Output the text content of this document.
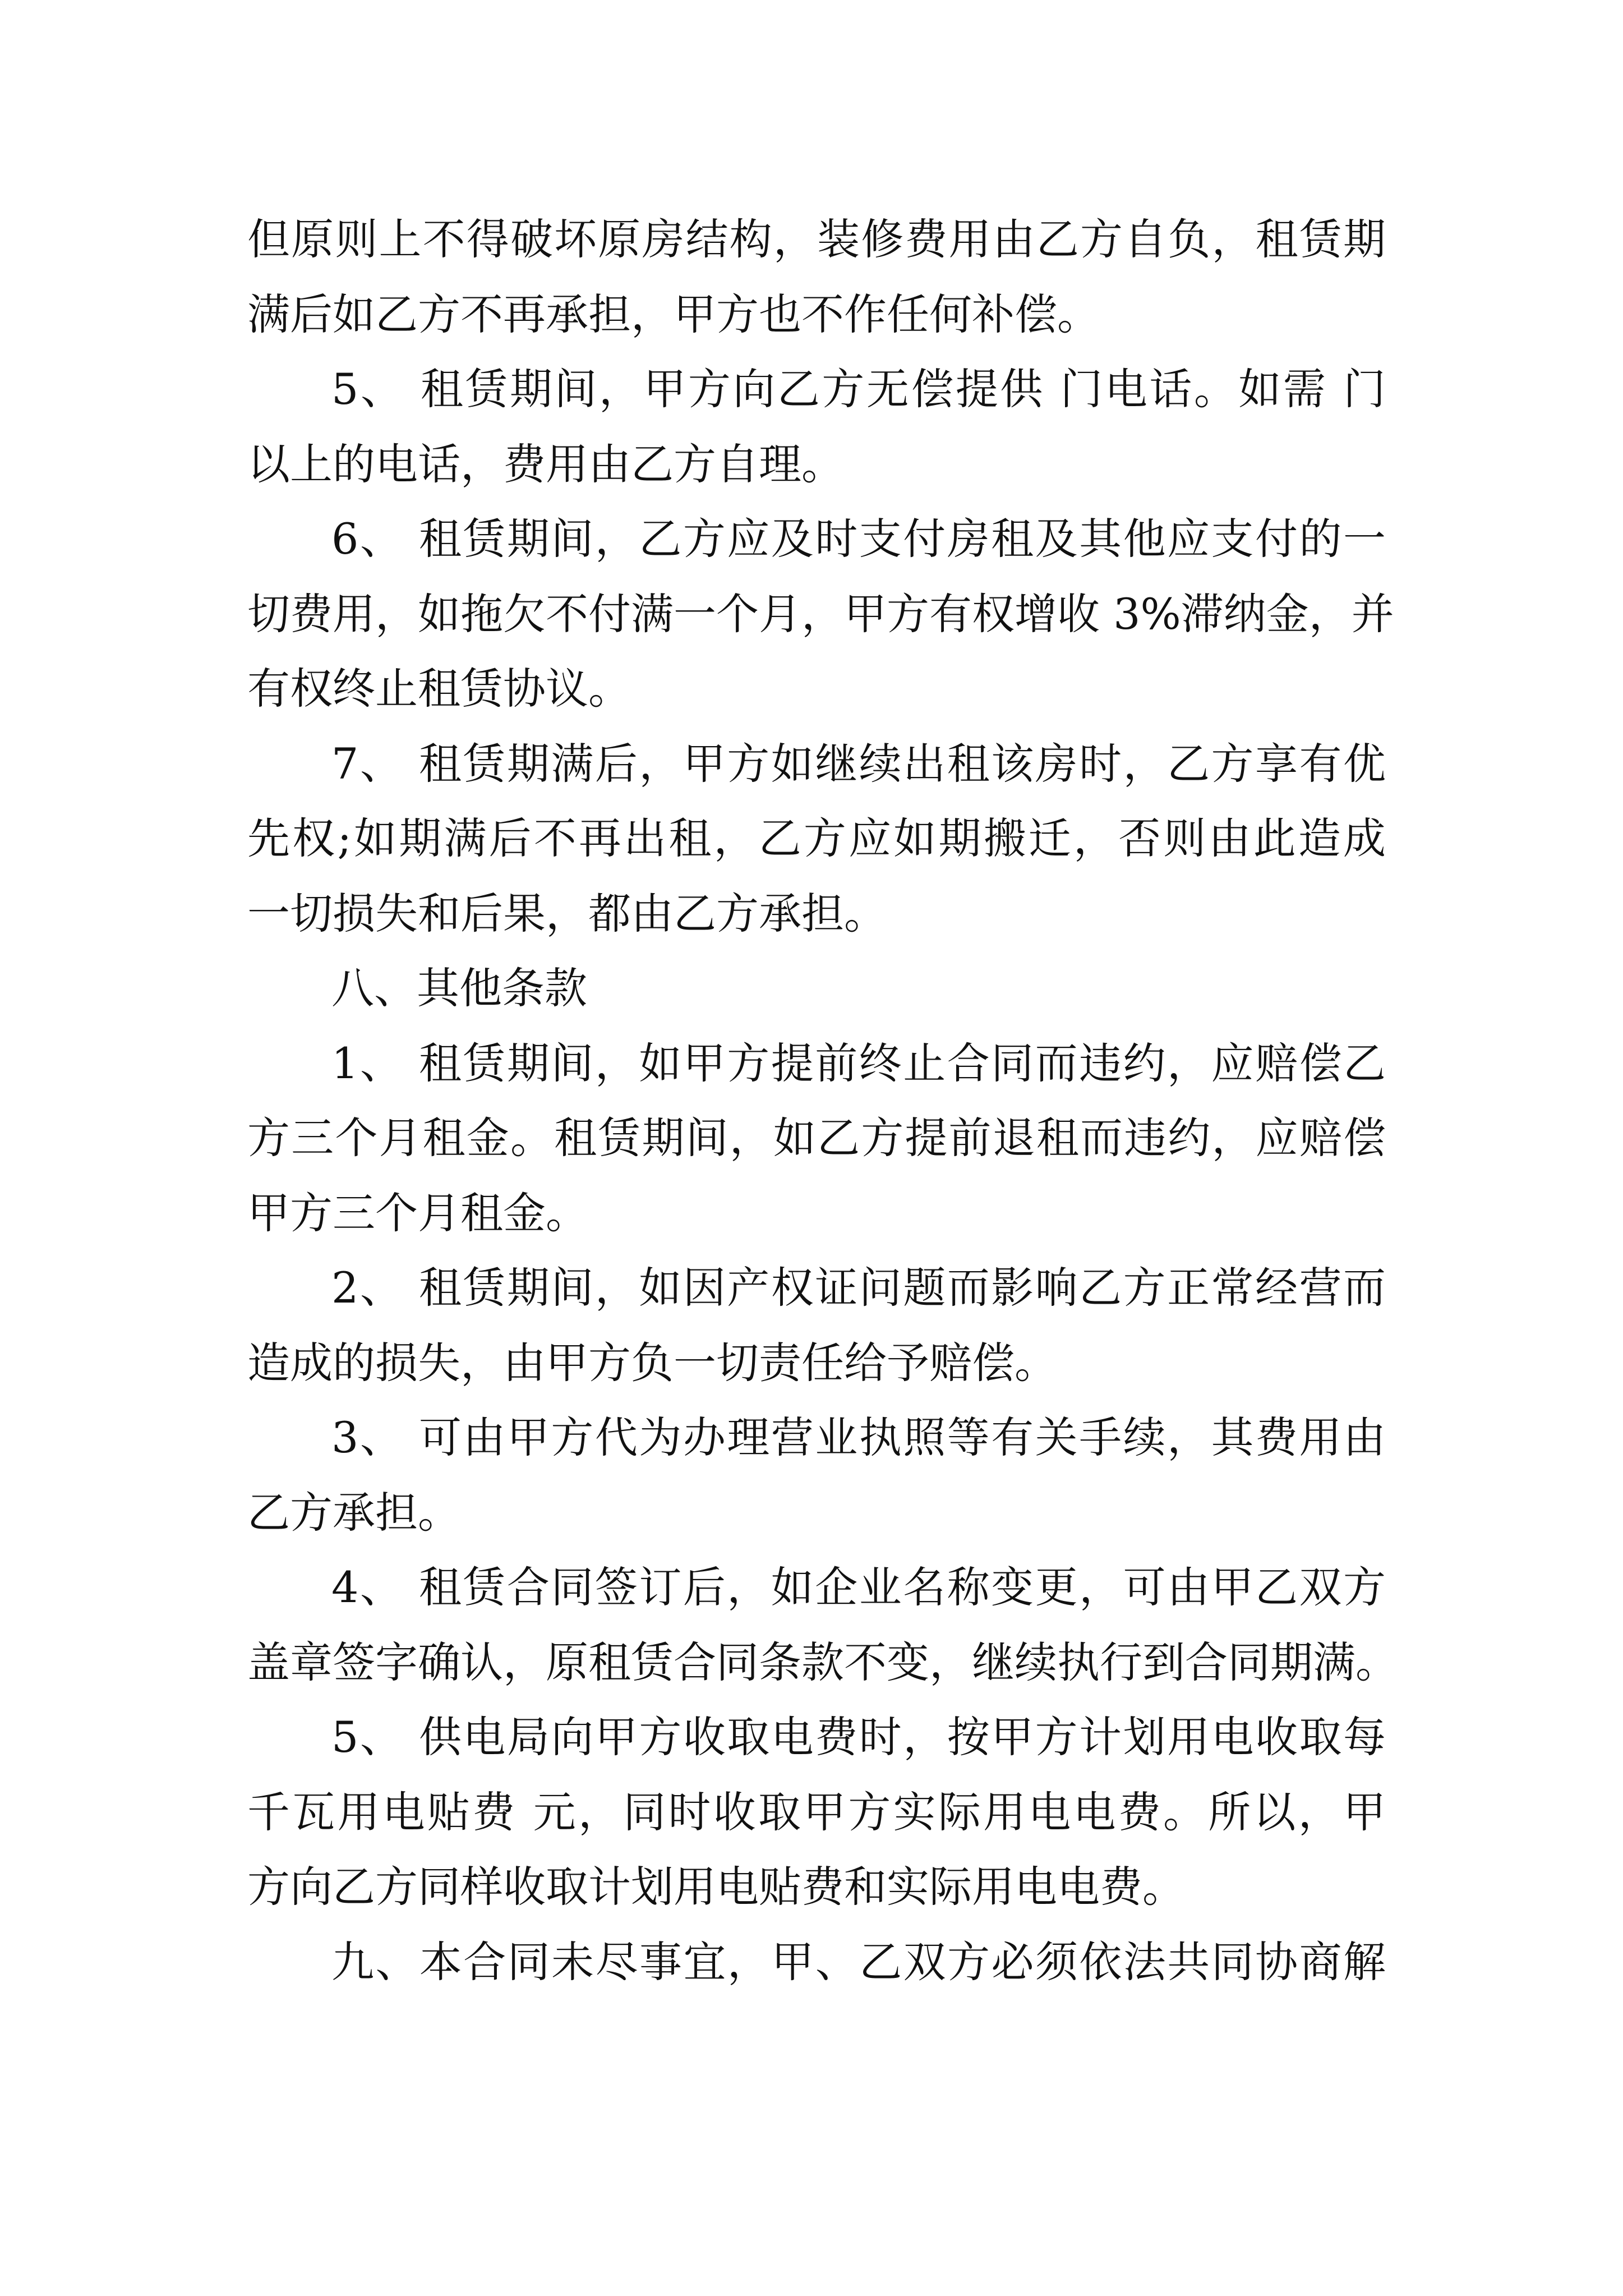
但原则上不得破坏原房结构，装修费用由乙方自负，租赁期
满后如乙方不再承担，甲方也不作任何补偿。
5、 租赁期间，甲方向乙方无偿提供 门电话。如需 门
以上的电话，费用由乙方自理。
6、 租赁期间，乙方应及时支付房租及其他应支付的一
切费用，如拖欠不付满一个月，甲方有权增收 3%滞纳金，并
有权终止租赁协议。
7、 租赁期满后，甲方如继续出租该房时，乙方享有优
先权;如期满后不再出租，乙方应如期搬迁，否则由此造成
一切损失和后果，都由乙方承担。
八、其他条款
1、 租赁期间，如甲方提前终止合同而违约，应赔偿乙
方三个月租金。租赁期间，如乙方提前退租而违约，应赔偿
甲方三个月租金。
2、 租赁期间，如因产权证问题而影响乙方正常经营而
造成的损失，由甲方负一切责任给予赔偿。
3、 可由甲方代为办理营业执照等有关手续，其费用由
乙方承担。
4、 租赁合同签订后，如企业名称变更，可由甲乙双方
盖章签字确认，原租赁合同条款不变，继续执行到合同期满。
5、 供电局向甲方收取电费时，按甲方计划用电收取每
千瓦用电贴费 元，同时收取甲方实际用电电费。所以，甲
方向乙方同样收取计划用电贴费和实际用电电费。
九、本合同未尽事宜，甲、乙双方必须依法共同协商解
